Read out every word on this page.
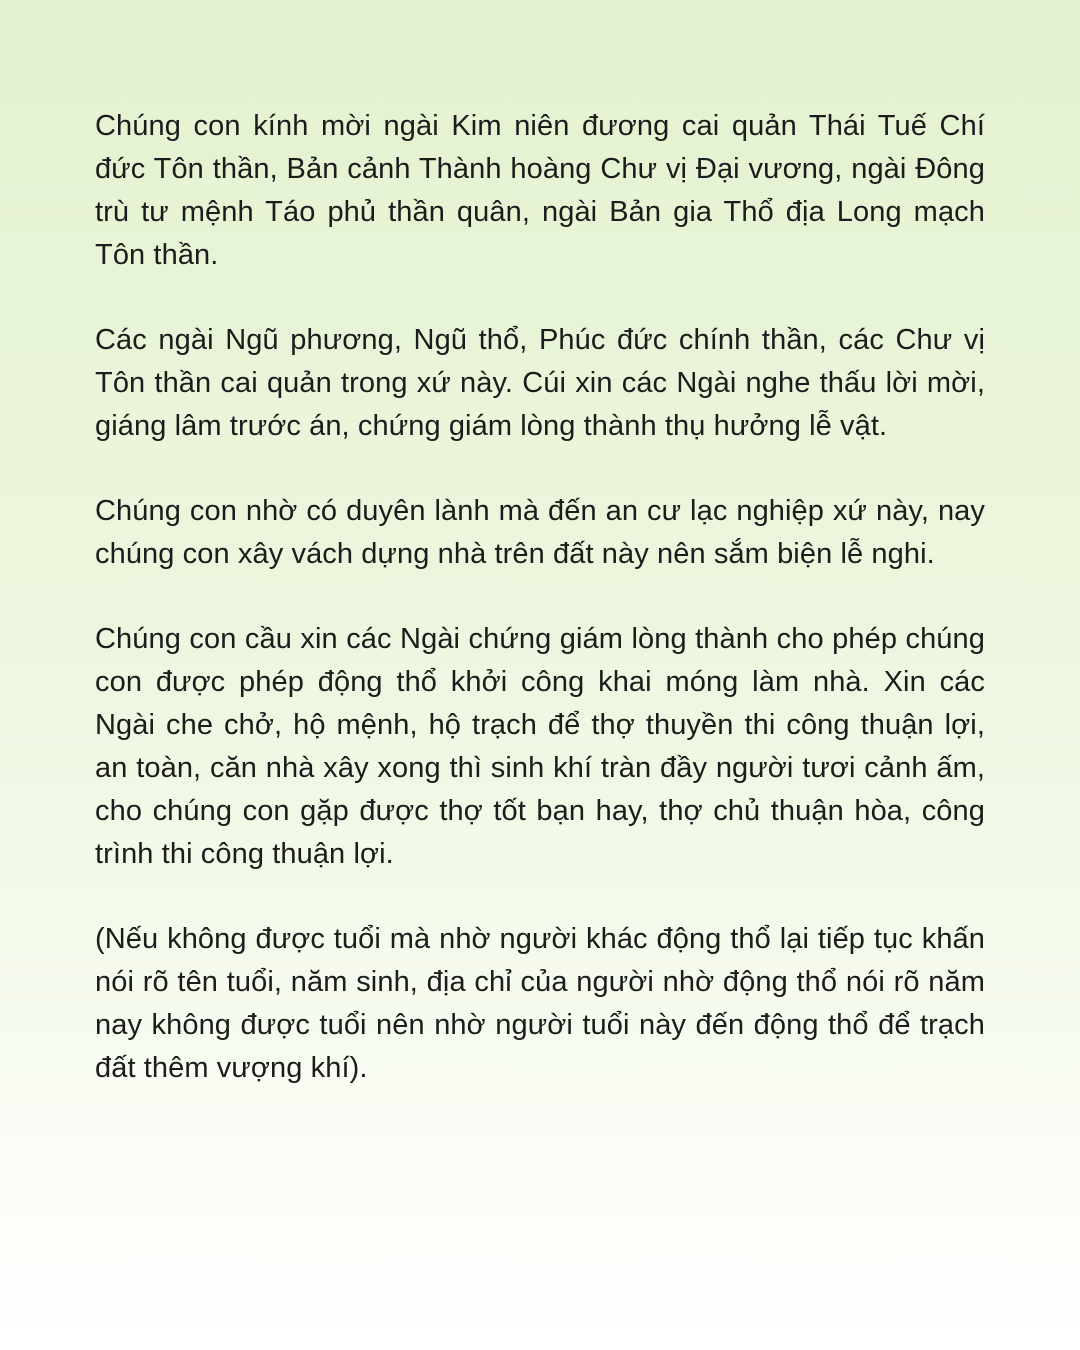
Chúng con kính mời ngài Kim niên đương cai quản Thái Tuế Chí đức Tôn thần, Bản cảnh Thành hoàng Chư vị Đại vương, ngài Đông trù tư mệnh Táo phủ thần quân, ngài Bản gia Thổ địa Long mạch Tôn thần.

Các ngài Ngũ phương, Ngũ thổ, Phúc đức chính thần, các Chư vị Tôn thần cai quản trong xứ này. Cúi xin các Ngài nghe thấu lời mời, giáng lâm trước án, chứng giám lòng thành thụ hưởng lễ vật.

Chúng con nhờ có duyên lành mà đến an cư lạc nghiệp xứ này, nay chúng con xây vách dựng nhà trên đất này nên sắm biện lễ nghi.

Chúng con cầu xin các Ngài chứng giám lòng thành cho phép chúng con được phép động thổ khởi công khai móng làm nhà. Xin các Ngài che chở, hộ mệnh, hộ trạch để thợ thuyền thi công thuận lợi, an toàn, căn nhà xây xong thì sinh khí tràn đầy người tươi cảnh ấm, cho chúng con gặp được thợ tốt bạn hay, thợ chủ thuận hòa, công trình thi công thuận lợi.

(Nếu không được tuổi mà nhờ người khác động thổ lại tiếp tục khấn nói rõ tên tuổi, năm sinh, địa chỉ của người nhờ động thổ nói rõ năm nay không được tuổi nên nhờ người tuổi này đến động thổ để trạch đất thêm vượng khí).
